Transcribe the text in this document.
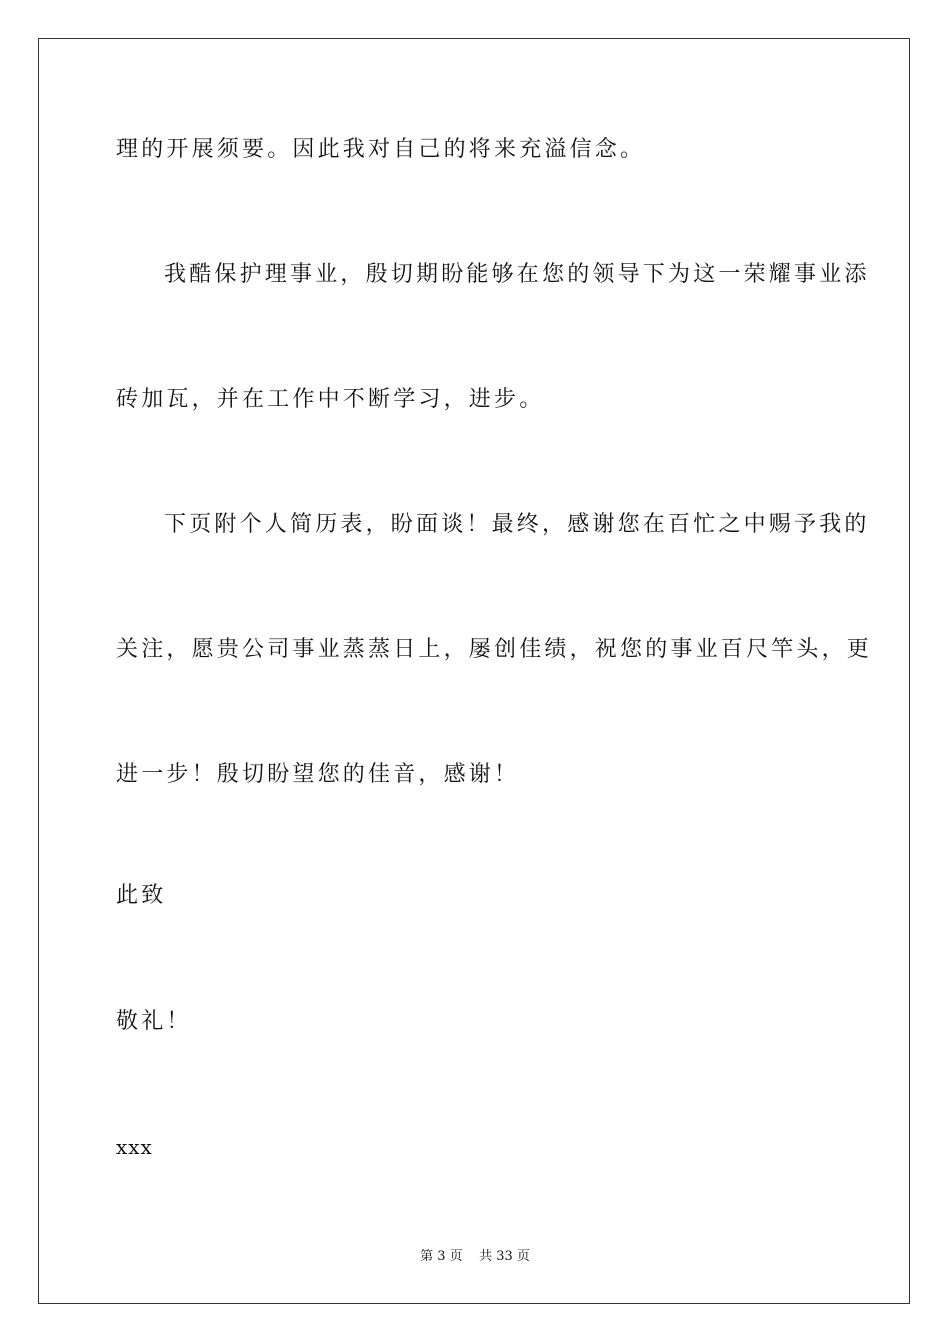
理的开展须要。因此我对自己的将来充溢信念。
我酷保护理事业，殷切期盼能够在您的领导下为这一荣耀事业添
砖加瓦，并在工作中不断学习，进步。
下页附个人简历表，盼面谈！最终，感谢您在百忙之中赐予我的
关注，愿贵公司事业蒸蒸日上，屡创佳绩，祝您的事业百尺竿头，更
进一步！殷切盼望您的佳音，感谢！
此致
敬礼！
xxx
第 3 页    共 33 页
